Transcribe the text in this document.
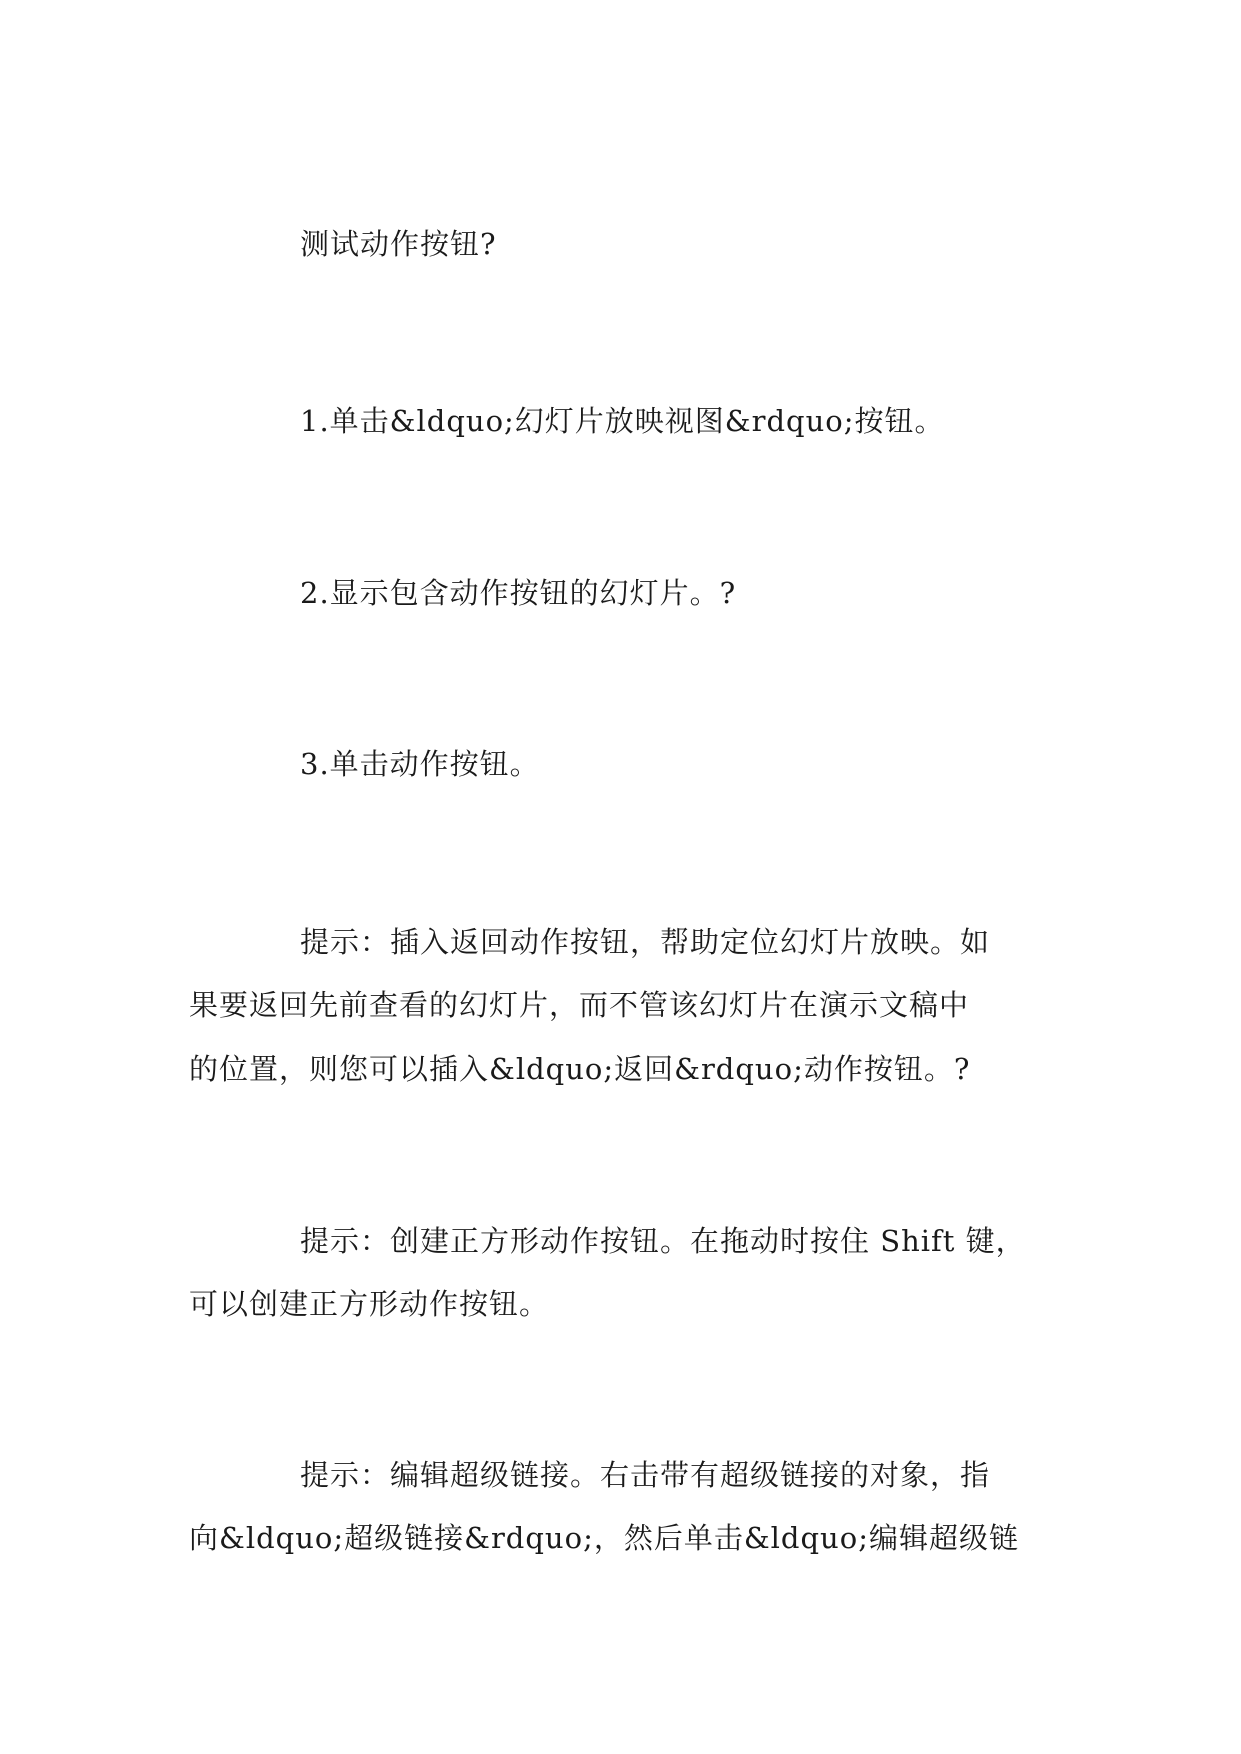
测试动作按钮?
1.单击&ldquo;幻灯片放映视图&rdquo;按钮。
2.显示包含动作按钮的幻灯片。?
3.单击动作按钮。
提示：插入返回动作按钮，帮助定位幻灯片放映。如
果要返回先前查看的幻灯片，而不管该幻灯片在演示文稿中
的位置，则您可以插入&ldquo;返回&rdquo;动作按钮。?
提示：创建正方形动作按钮。在拖动时按住 Shift 键，
可以创建正方形动作按钮。
提示：编辑超级链接。右击带有超级链接的对象，指
向&ldquo;超级链接&rdquo;，然后单击&ldquo;编辑超级链
